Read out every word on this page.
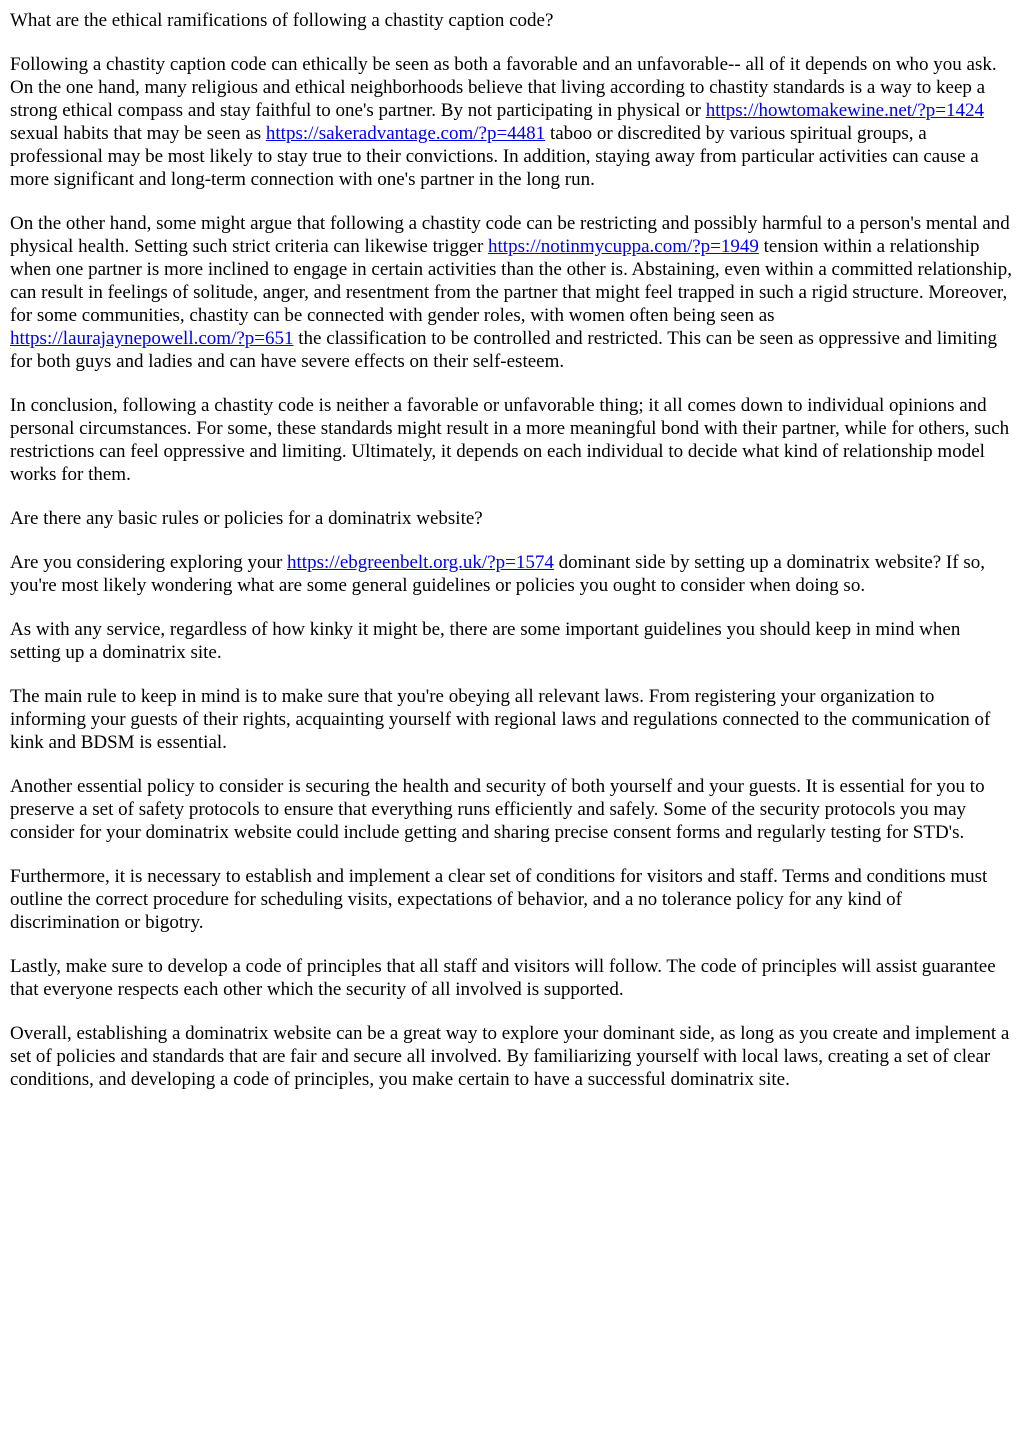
What are the ethical ramifications of following a chastity caption code?

Following a chastity caption code can ethically be seen as both a favorable and an unfavorable-- all of it depends on who you ask. On the one hand, many religious and ethical neighborhoods believe that living according to chastity standards is a way to keep a strong ethical compass and stay faithful to one's partner. By not participating in physical or https://howtomakewine.net/?p=1424 sexual habits that may be seen as https://sakeradvantage.com/?p=4481 taboo or discredited by various spiritual groups, a professional may be most likely to stay true to their convictions. In addition, staying away from particular activities can cause a more significant and long-term connection with one's partner in the long run.

On the other hand, some might argue that following a chastity code can be restricting and possibly harmful to a person's mental and physical health. Setting such strict criteria can likewise trigger https://notinmycuppa.com/?p=1949 tension within a relationship when one partner is more inclined to engage in certain activities than the other is. Abstaining, even within a committed relationship, can result in feelings of solitude, anger, and resentment from the partner that might feel trapped in such a rigid structure. Moreover, for some communities, chastity can be connected with gender roles, with women often being seen as https://laurajaynepowell.com/?p=651 the classification to be controlled and restricted. This can be seen as oppressive and limiting for both guys and ladies and can have severe effects on their self-esteem.

In conclusion, following a chastity code is neither a favorable or unfavorable thing; it all comes down to individual opinions and personal circumstances. For some, these standards might result in a more meaningful bond with their partner, while for others, such restrictions can feel oppressive and limiting. Ultimately, it depends on each individual to decide what kind of relationship model works for them.

Are there any basic rules or policies for a dominatrix website?

Are you considering exploring your https://ebgreenbelt.org.uk/?p=1574 dominant side by setting up a dominatrix website? If so, you're most likely wondering what are some general guidelines or policies you ought to consider when doing so.

As with any service, regardless of how kinky it might be, there are some important guidelines you should keep in mind when setting up a dominatrix site.

The main rule to keep in mind is to make sure that you're obeying all relevant laws. From registering your organization to informing your guests of their rights, acquainting yourself with regional laws and regulations connected to the communication of kink and BDSM is essential.

Another essential policy to consider is securing the health and security of both yourself and your guests. It is essential for you to preserve a set of safety protocols to ensure that everything runs efficiently and safely. Some of the security protocols you may consider for your dominatrix website could include getting and sharing precise consent forms and regularly testing for STD's.

Furthermore, it is necessary to establish and implement a clear set of conditions for visitors and staff. Terms and conditions must outline the correct procedure for scheduling visits, expectations of behavior, and a no tolerance policy for any kind of discrimination or bigotry.

Lastly, make sure to develop a code of principles that all staff and visitors will follow. The code of principles will assist guarantee that everyone respects each other which the security of all involved is supported.

Overall, establishing a dominatrix website can be a great way to explore your dominant side, as long as you create and implement a set of policies and standards that are fair and secure all involved. By familiarizing yourself with local laws, creating a set of clear conditions, and developing a code of principles, you make certain to have a successful dominatrix site.
